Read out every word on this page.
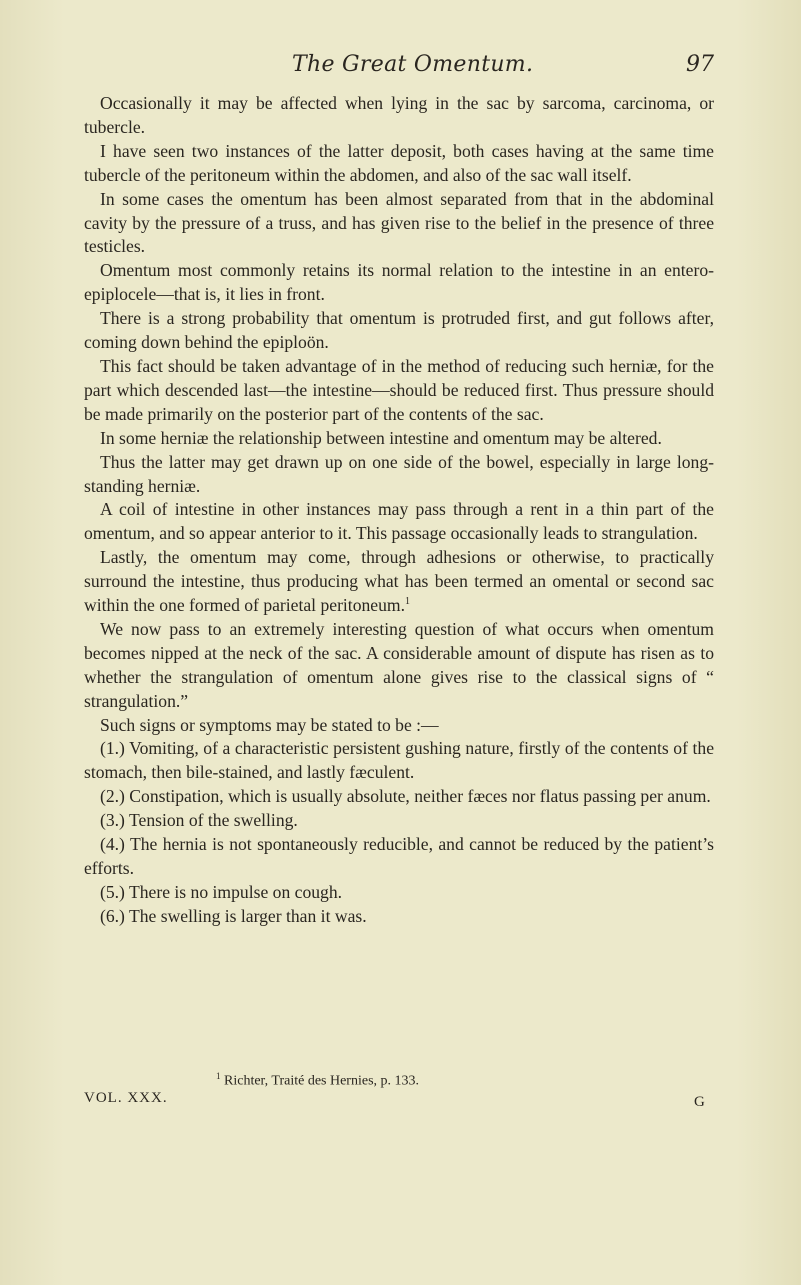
The Great Omentum.	97

Occasionally it may be affected when lying in the sac by sarcoma, carcinoma, or tubercle.

I have seen two instances of the latter deposit, both cases having at the same time tubercle of the peritoneum within the abdomen, and also of the sac wall itself.

In some cases the omentum has been almost separated from that in the abdominal cavity by the pressure of a truss, and has given rise to the belief in the presence of three testicles.

Omentum most commonly retains its normal relation to the intestine in an entero-epiplocele—that is, it lies in front.

There is a strong probability that omentum is protruded first, and gut follows after, coming down behind the epiploön.

This fact should be taken advantage of in the method of reducing such herniæ, for the part which descended last—the intestine—should be reduced first. Thus pressure should be made primarily on the posterior part of the contents of the sac.

In some herniæ the relationship between intestine and omentum may be altered.

Thus the latter may get drawn up on one side of the bowel, especially in large long-standing herniæ.

A coil of intestine in other instances may pass through a rent in a thin part of the omentum, and so appear anterior to it. This passage occasionally leads to strangulation.

Lastly, the omentum may come, through adhesions or otherwise, to practically surround the intestine, thus producing what has been termed an omental or second sac within the one formed of parietal peritoneum.$^1$

We now pass to an extremely interesting question of what occurs when omentum becomes nipped at the neck of the sac. A considerable amount of dispute has risen as to whether the strangulation of omentum alone gives rise to the classical signs of “ strangulation.”

Such signs or symptoms may be stated to be :—

(1.) Vomiting, of a characteristic persistent gushing nature, firstly of the contents of the stomach, then bile-stained, and lastly fæculent.

(2.) Constipation, which is usually absolute, neither fæces nor flatus passing per anum.

(3.) Tension of the swelling.

(4.) The hernia is not spontaneously reducible, and cannot be reduced by the patient’s efforts.

(5.) There is no impulse on cough.

(6.) The swelling is larger than it was.

$^1$ Richter, Traité des Hernies, p. 133.
VOL. XXX.	G
